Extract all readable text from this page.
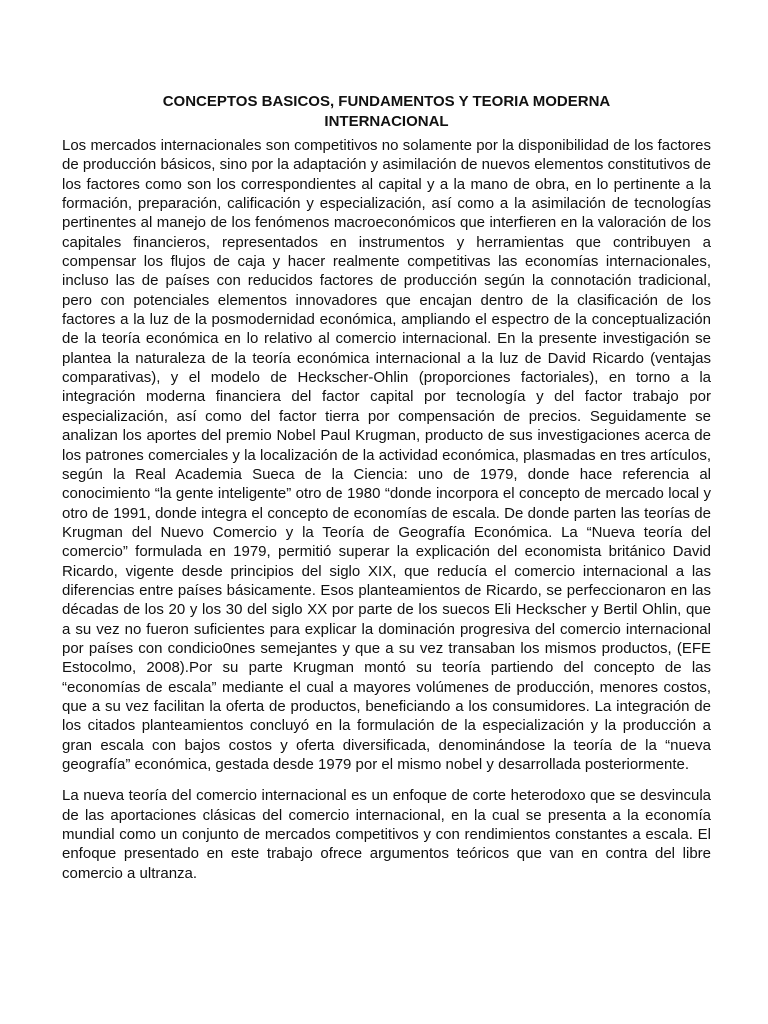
CONCEPTOS BASICOS, FUNDAMENTOS Y TEORIA MODERNA INTERNACIONAL

Los mercados internacionales son competitivos no solamente por la disponibilidad de los factores de producción básicos, sino por la adaptación y asimilación de nuevos elementos constitutivos de los factores como son los correspondientes al capital y a la mano de obra, en lo pertinente a la formación, preparación, calificación y especialización, así como a la asimilación de tecnologías pertinentes al manejo de los fenómenos macroeconómicos que interfieren en la valoración de los capitales financieros, representados en instrumentos y herramientas que contribuyen a compensar los flujos de caja y hacer realmente competitivas las economías internacionales, incluso las de países con reducidos factores de producción según la connotación tradicional, pero con potenciales elementos innovadores que encajan dentro de la clasificación de los factores a la luz de la posmodernidad económica, ampliando el espectro de la conceptualización de la teoría económica en lo relativo al comercio internacional. En la presente investigación se plantea la naturaleza de la teoría económica internacional a la luz de David Ricardo (ventajas comparativas), y el modelo de Heckscher-Ohlin (proporciones factoriales), en torno a la integración moderna financiera del factor capital por tecnología y del factor trabajo por especialización, así como del factor tierra por compensación de precios. Seguidamente se analizan los aportes del premio Nobel Paul Krugman, producto de sus investigaciones acerca de los patrones comerciales y la localización de la actividad económica, plasmadas en tres artículos, según la Real Academia Sueca de la Ciencia: uno de 1979, donde hace referencia al conocimiento “la gente inteligente” otro de 1980 “donde incorpora el concepto de mercado local y otro de 1991, donde integra el concepto de economías de escala. De donde parten las teorías de Krugman del Nuevo Comercio y la Teoría de Geografía Económica. La “Nueva teoría del comercio” formulada en 1979, permitió superar la explicación del economista británico David Ricardo, vigente desde principios del siglo XIX, que reducía el comercio internacional a las diferencias entre países básicamente. Esos planteamientos de Ricardo, se perfeccionaron en las décadas de los 20 y los 30 del siglo XX por parte de los suecos Eli Heckscher y Bertil Ohlin, que a su vez no fueron suficientes para explicar la dominación progresiva del comercio internacional por países con condicio0nes semejantes y que a su vez transaban los mismos productos, (EFE Estocolmo, 2008).Por su parte Krugman montó su teoría partiendo del concepto de las “economías de escala” mediante el cual a mayores volúmenes de producción, menores costos, que a su vez facilitan la oferta de productos, beneficiando a los consumidores. La integración de los citados planteamientos concluyó en la formulación de la especialización y la producción a gran escala con bajos costos y oferta diversificada, denominándose la teoría de la “nueva geografía” económica, gestada desde 1979 por el mismo nobel y desarrollada posteriormente.

La nueva teoría del comercio internacional es un enfoque de corte heterodoxo que se desvincula de las aportaciones clásicas del comercio internacional, en la cual se presenta a la economía mundial como un conjunto de mercados competitivos y con rendimientos constantes a escala. El enfoque presentado en este trabajo ofrece argumentos teóricos que van en contra del libre comercio a ultranza.
